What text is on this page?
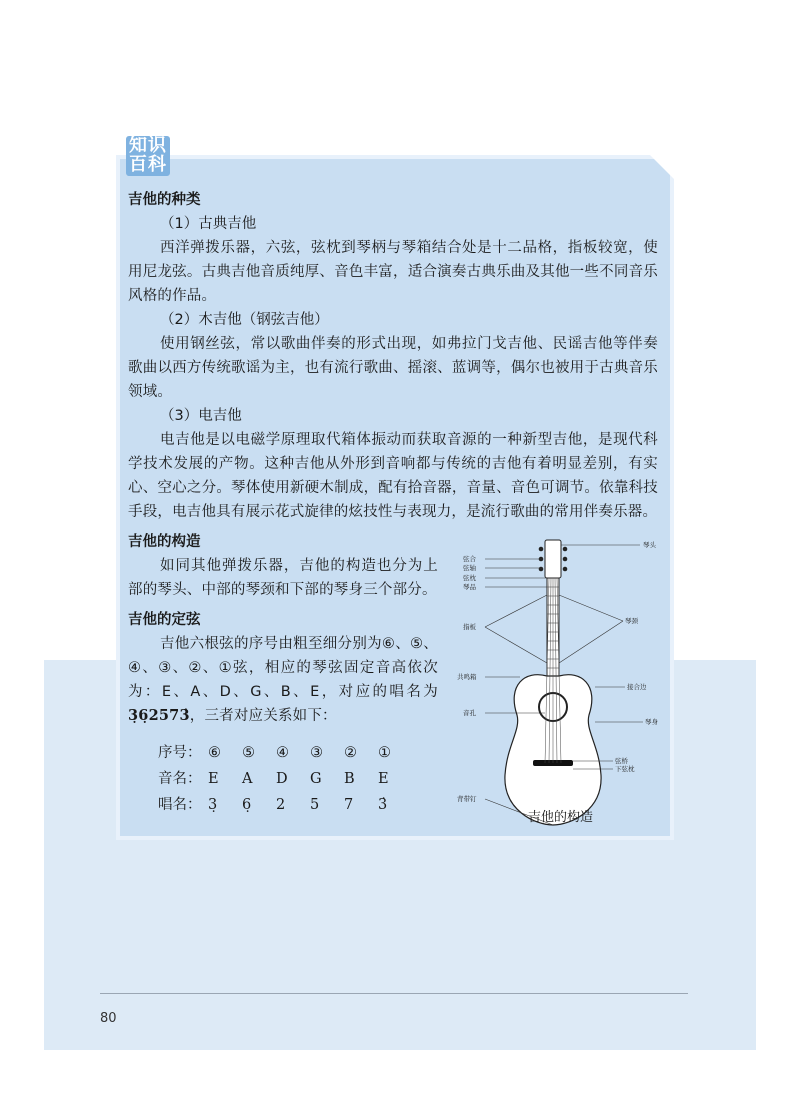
知识
百科

吉他的种类

（1）古典吉他

西洋弹拨乐器，六弦，弦枕到琴柄与琴箱结合处是十二品格，指板较宽，使用尼龙弦。古典吉他音质纯厚、音色丰富，适合演奏古典乐曲及其他一些不同音乐风格的作品。

（2）木吉他（钢弦吉他）

使用钢丝弦，常以歌曲伴奏的形式出现，如弗拉门戈吉他、民谣吉他等伴奏歌曲以西方传统歌谣为主，也有流行歌曲、摇滚、蓝调等，偶尔也被用于古典音乐领域。

（3）电吉他

电吉他是以电磁学原理取代箱体振动而获取音源的一种新型吉他，是现代科学技术发展的产物。这种吉他从外形到音响都与传统的吉他有着明显差别，有实心、空心之分。琴体使用新硬木制成，配有拾音器，音量、音色可调节。依靠科技手段，电吉他具有展示花式旋律的炫技性与表现力，是流行歌曲的常用伴奏乐器。

吉他的构造

如同其他弹拨乐器，吉他的构造也分为上部的琴头、中部的琴颈和下部的琴身三个部分。

吉他的定弦

吉他六根弦的序号由粗至细分别为⑥、⑤、④、③、②、①弦，相应的琴弦固定音高依次为：E、A、D、G、B、E，对应的唱名为3̣6̣2573̇，三者对应关系如下：

序号： ⑥	⑤	④	③	②	①
音名： E	A	D	G	B	E
唱名： 3̣	6̣	2	5	7	3̇
弦合
弦轴
弦枕
琴品
指板
共鸣箱
音孔
背带钉
琴头
琴颈
接合边
琴身
弦桥
下弦枕
吉他的构造
80
